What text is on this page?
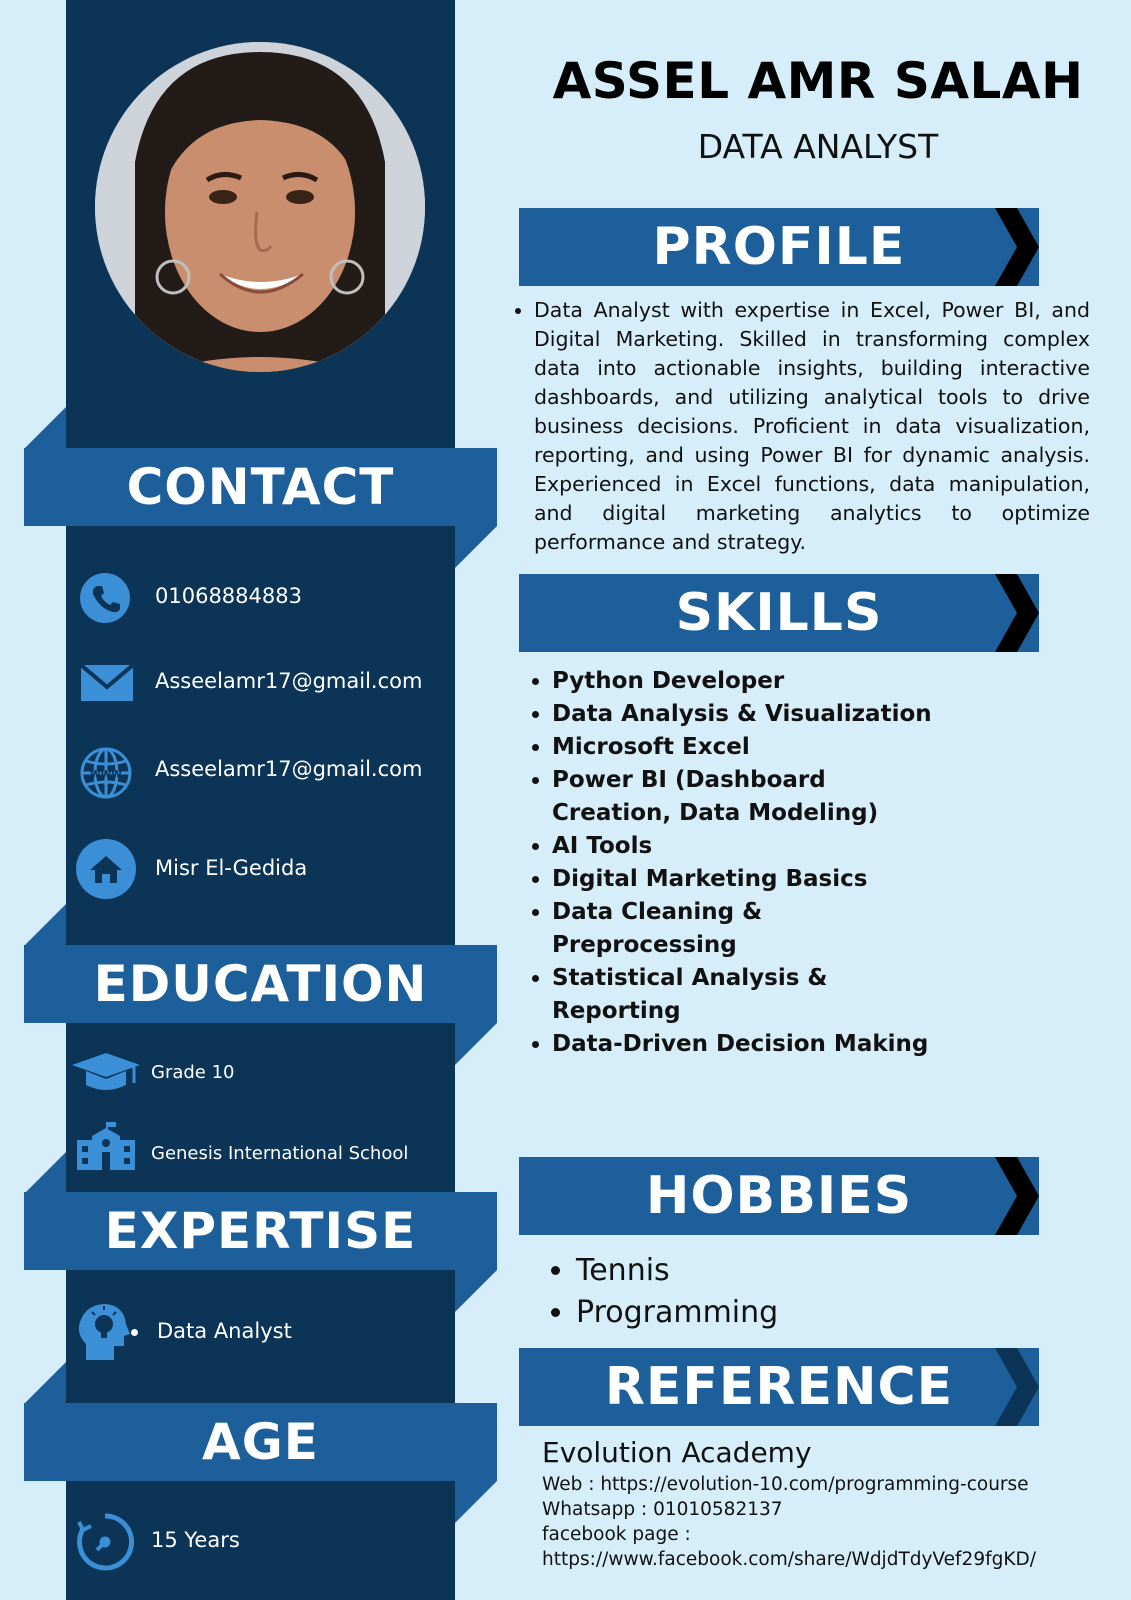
CONTACT
01068884883
Asseelamr17@gmail.com
www Asseelamr17@gmail.com
Misr El-Gedida
EDUCATION
Grade 10
Genesis International School
EXPERTISE
Data Analyst
AGE
15 Years
ASSEL AMR SALAH
DATA ANALYST
PROFILE
• Data Analyst with expertise in Excel, Power BI, and Digital Marketing. Skilled in transforming complex data into actionable insights, building interactive dashboards, and utilizing analytical tools to drive business decisions. Proficient in data visualization, reporting, and using Power BI for dynamic analysis. Experienced in Excel functions, data manipulation, and digital marketing analytics to optimize performance and strategy.
SKILLS
• Python Developer
• Data Analysis & Visualization
• Microsoft Excel
• Power BI (Dashboard Creation, Data Modeling)
• AI Tools
• Digital Marketing Basics
• Data Cleaning & Preprocessing
• Statistical Analysis & Reporting
• Data-Driven Decision Making
HOBBIES
• Tennis
• Programming
REFERENCE
Evolution Academy
Web : https://evolution-10.com/programming-course
Whatsapp : 01010582137
facebook page :
https://www.facebook.com/share/WdjdTdyVef29fgKD/
